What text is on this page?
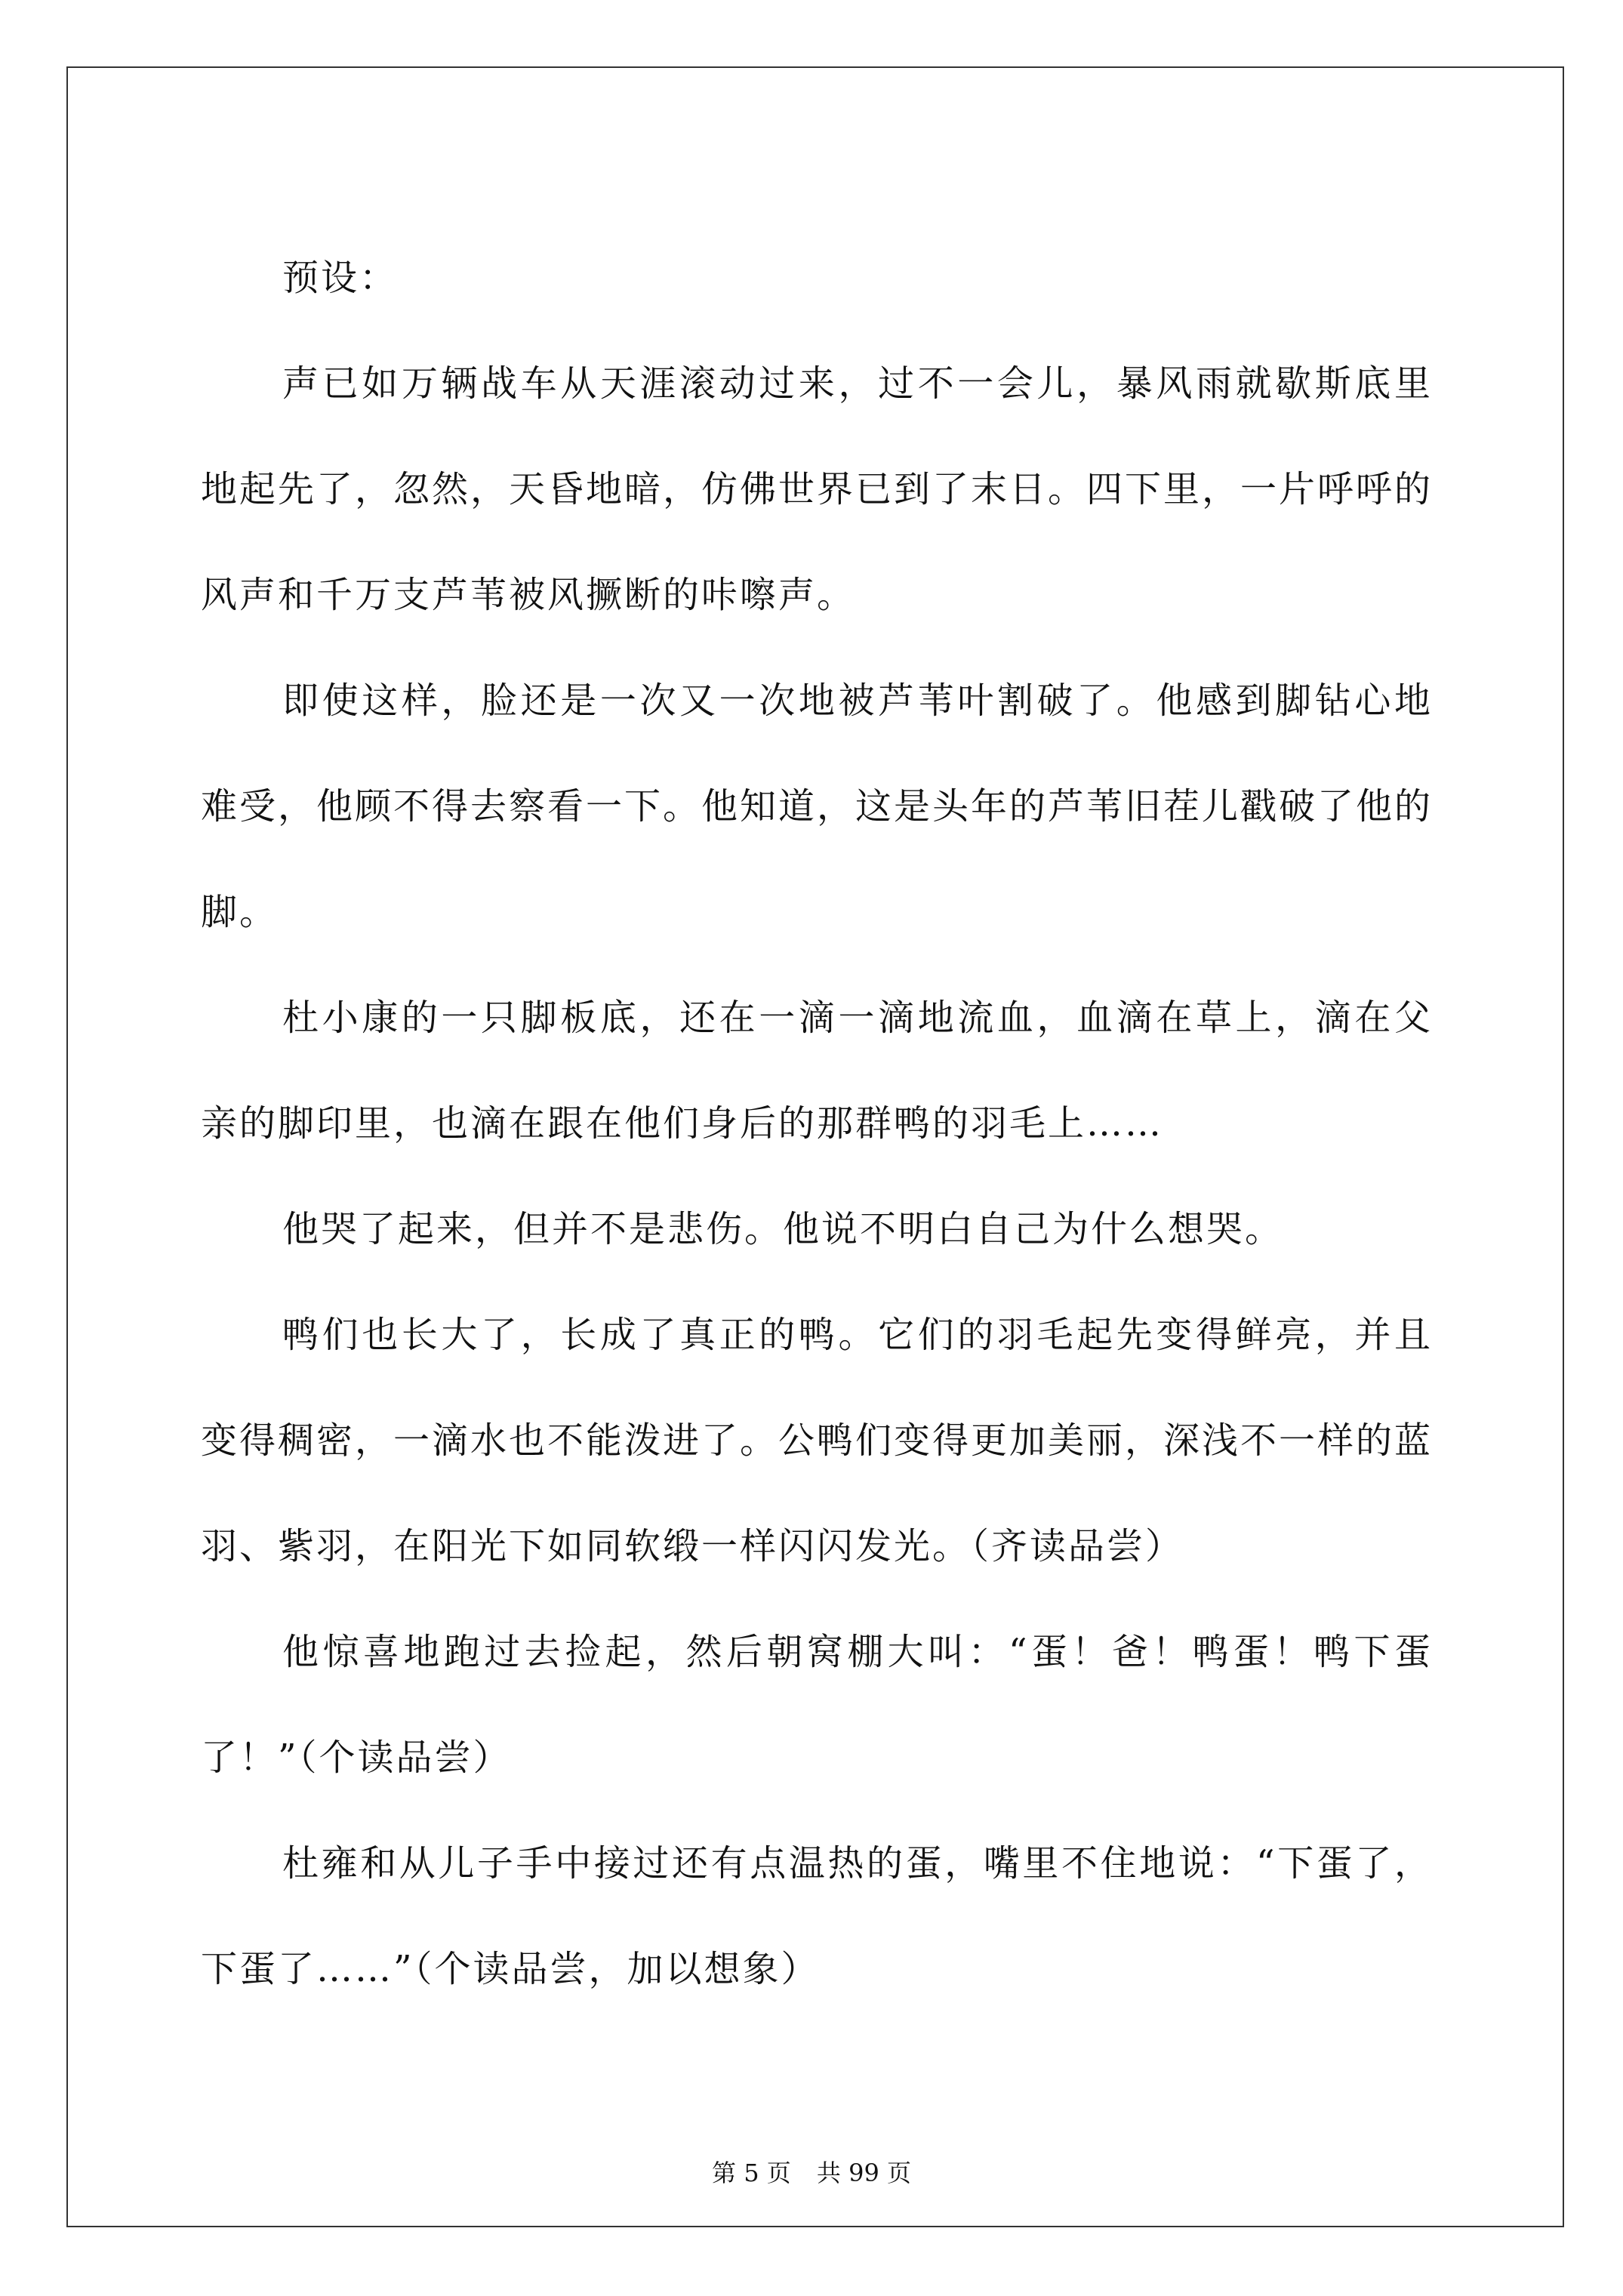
预设：

声已如万辆战车从天涯滚动过来，过不一会儿，暴风雨就歇斯底里地起先了，忽然，天昏地暗，仿佛世界已到了末日。四下里，一片呼呼的风声和千万支芦苇被风撅断的咔嚓声。

即使这样，脸还是一次又一次地被芦苇叶割破了。他感到脚钻心地难受，他顾不得去察看一下。他知道，这是头年的芦苇旧茬儿戳破了他的脚。

杜小康的一只脚板底，还在一滴一滴地流血，血滴在草上，滴在父亲的脚印里，也滴在跟在他们身后的那群鸭的羽毛上……

他哭了起来，但并不是悲伤。他说不明白自己为什么想哭。

鸭们也长大了，长成了真正的鸭。它们的羽毛起先变得鲜亮，并且变得稠密，一滴水也不能泼进了。公鸭们变得更加美丽，深浅不一样的蓝羽、紫羽，在阳光下如同软缎一样闪闪发光。（齐读品尝）

他惊喜地跑过去捡起，然后朝窝棚大叫：“蛋！爸！鸭蛋！鸭下蛋了！”（个读品尝）

杜雍和从儿子手中接过还有点温热的蛋，嘴里不住地说：“下蛋了，下蛋了……”（个读品尝，加以想象）

第 5 页 共 99 页
